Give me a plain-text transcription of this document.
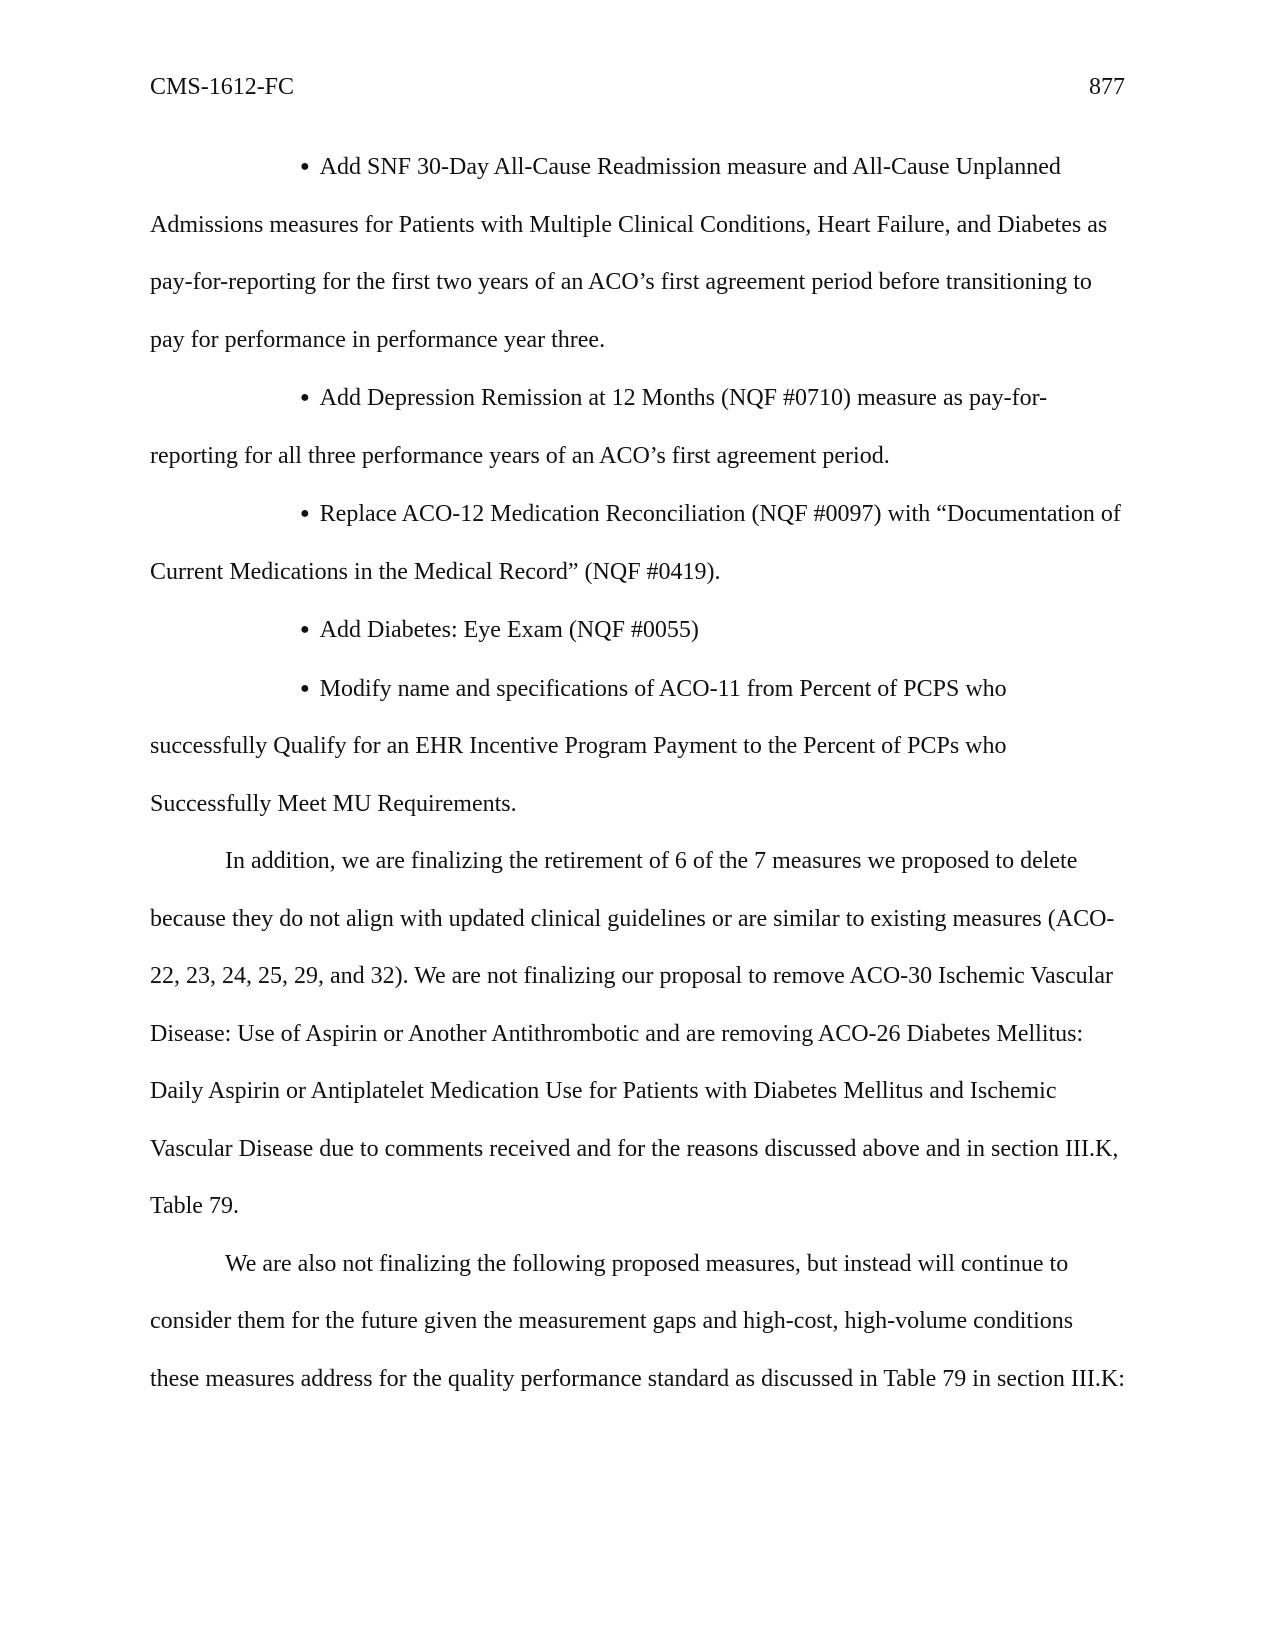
CMS-1612-FC	877

● Add SNF 30-Day All-Cause Readmission measure and All-Cause Unplanned Admissions measures for Patients with Multiple Clinical Conditions, Heart Failure, and Diabetes as pay-for-reporting for the first two years of an ACO’s first agreement period before transitioning to pay for performance in performance year three.

● Add Depression Remission at 12 Months (NQF #0710) measure as pay-for-reporting for all three performance years of an ACO’s first agreement period.

● Replace ACO-12 Medication Reconciliation (NQF #0097) with “Documentation of Current Medications in the Medical Record” (NQF #0419).

● Add Diabetes: Eye Exam (NQF #0055)

● Modify name and specifications of ACO-11 from Percent of PCPS who successfully Qualify for an EHR Incentive Program Payment to the Percent of PCPs who Successfully Meet MU Requirements.

In addition, we are finalizing the retirement of 6 of the 7 measures we proposed to delete because they do not align with updated clinical guidelines or are similar to existing measures (ACO-22, 23, 24, 25, 29, and 32). We are not finalizing our proposal to remove ACO-30 Ischemic Vascular Disease: Use of Aspirin or Another Antithrombotic and are removing ACO-26 Diabetes Mellitus: Daily Aspirin or Antiplatelet Medication Use for Patients with Diabetes Mellitus and Ischemic Vascular Disease due to comments received and for the reasons discussed above and in section III.K, Table 79.

We are also not finalizing the following proposed measures, but instead will continue to consider them for the future given the measurement gaps and high-cost, high-volume conditions these measures address for the quality performance standard as discussed in Table 79 in section III.K:
